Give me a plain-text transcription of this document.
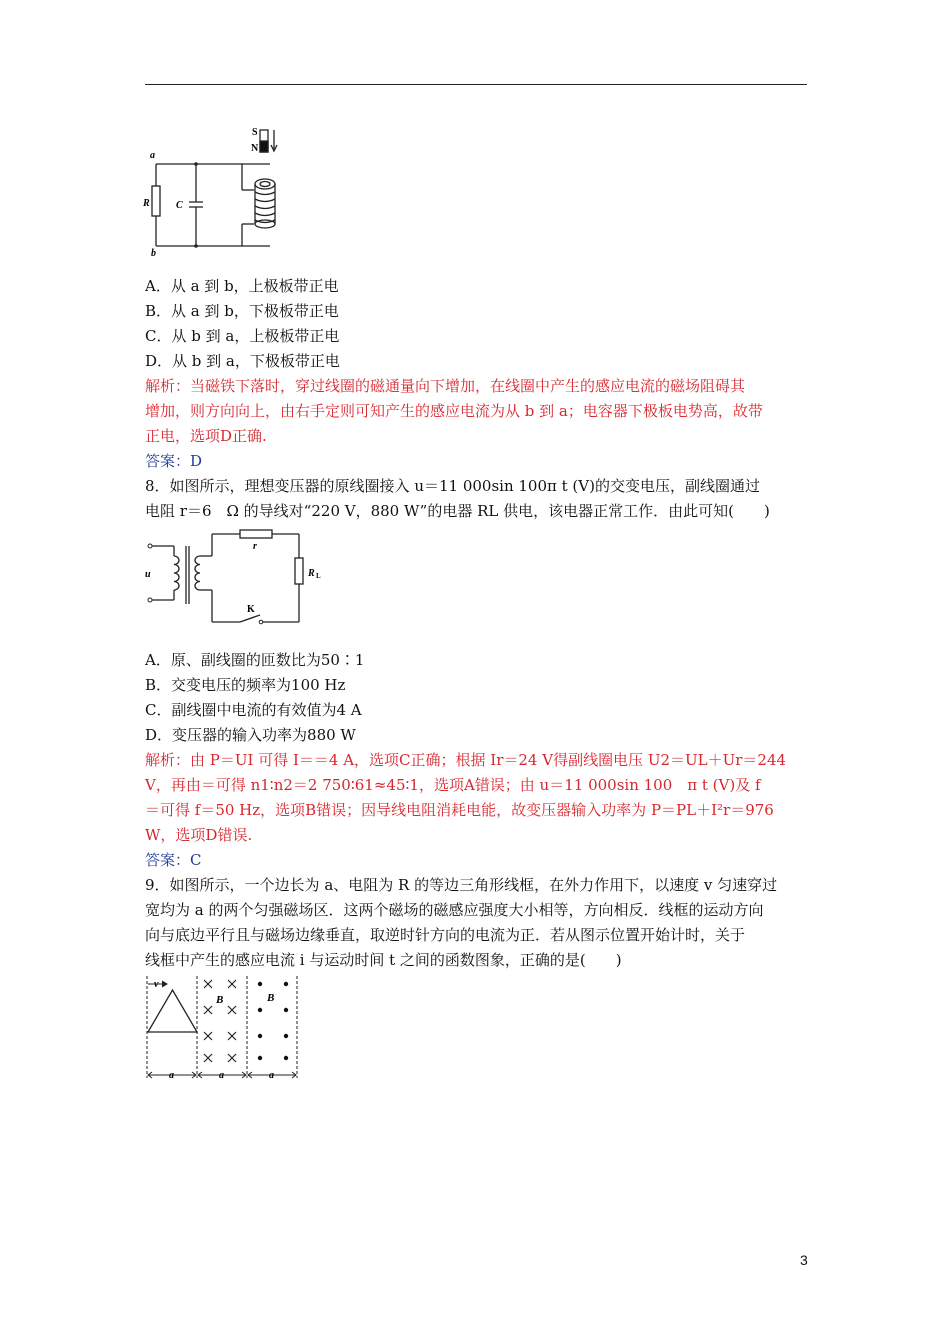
S
N
a
b
R	C
A．从 a 到 b，上极板带正电
B．从 a 到 b，下极板带正电
C．从 b 到 a，上极板带正电
D．从 b 到 a，下极板带正电
解析：当磁铁下落时，穿过线圈的磁通量向下增加，在线圈中产生的感应电流的磁场阻碍其
增加，则方向向上，由右手定则可知产生的感应电流为从 b 到 a；电容器下极板电势高，故带
正电，选项D正确.
答案：D
8．如图所示，理想变压器的原线圈接入 u＝11 000sin 100π t (V)的交变电压，副线圈通过
电阻 r＝6　Ω 的导线对“220 V，880 W”的电器 RL 供电，该电器正常工作．由此可知(　　)
u
r
R L
K
A．原、副线圈的匝数比为50∶1
B．交变电压的频率为100 Hz
C．副线圈中电流的有效值为4 A
D．变压器的输入功率为880 W
解析：由 P＝UI 可得 I＝＝4 A，选项C正确；根据 Ir＝24 V得副线圈电压 U2＝UL＋Ur＝244
V，再由＝可得 n1∶n2＝2 750∶61≈45∶1，选项A错误；由 u＝11 000sin 100　π t (V)及 f
＝可得 f＝50 Hz，选项B错误；因导线电阻消耗电能，故变压器输入功率为 P＝PL＋I²r＝976
W，选项D错误.
答案：C
9．如图所示，一个边长为 a、电阻为 R 的等边三角形线框，在外力作用下，以速度 v 匀速穿过
宽均为 a 的两个匀强磁场区．这两个磁场的磁感应强度大小相等，方向相反．线框的运动方向
向与底边平行且与磁场边缘垂直，取逆时针方向的电流为正．若从图示位置开始计时，关于
线框中产生的感应电流 i 与运动时间 t 之间的函数图象，正确的是(　　)
v
B	B
a	a	a
3
